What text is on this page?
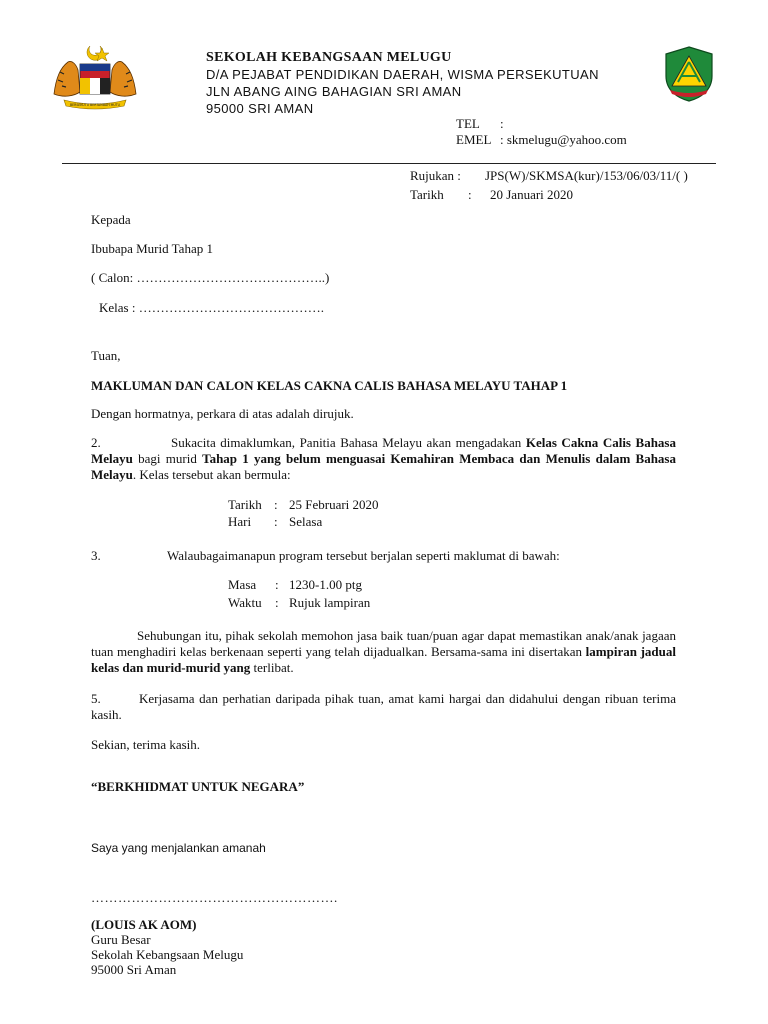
BERSEKUTU BERTAMBAH MUTU
SEKOLAH KEBANGSAAN MELUGU
D/A PEJABAT PENDIDIKAN DAERAH, WISMA PERSEKUTUAN
JLN ABANG AING BAHAGIAN SRI AMAN
95000 SRI AMAN
TEL :
EMEL : skmelugu@yahoo.com
Rujukan : JPS(W)/SKMSA(kur)/153/06/03/11/( )
Tarikh : 20 Januari 2020
Kepada
Ibubapa Murid Tahap 1
( Calon: ……………………………………..)
Kelas : …………………………………….
Tuan,
MAKLUMAN DAN CALON KELAS CAKNA CALIS BAHASA MELAYU TAHAP 1
Dengan hormatnya, perkara di atas adalah dirujuk.
2.	Sukacita dimaklumkan, Panitia Bahasa Melayu akan mengadakan Kelas Cakna Calis Bahasa Melayu bagi murid Tahap 1 yang belum menguasai Kemahiran Membaca dan Menulis dalam Bahasa Melayu. Kelas tersebut akan bermula:
Tarikh : 25 Februari 2020
Hari : Selasa
3.	Walaubagaimanapun program tersebut berjalan seperti maklumat di bawah:
Masa : 1230-1.00 ptg
Waktu : Rujuk lampiran
Sehubungan itu, pihak sekolah memohon jasa baik tuan/puan agar dapat memastikan anak/anak jagaan tuan menghadiri kelas berkenaan seperti yang telah dijadualkan. Bersama-sama ini disertakan lampiran jadual kelas dan murid-murid yang terlibat.
5.	Kerjasama dan perhatian daripada pihak tuan, amat kami hargai dan didahului dengan ribuan terima kasih.
Sekian, terima kasih.
“BERKHIDMAT UNTUK NEGARA”
Saya yang menjalankan amanah
……………………………………………….
(LOUIS AK AOM)
Guru Besar
Sekolah Kebangsaan Melugu
95000 Sri Aman
